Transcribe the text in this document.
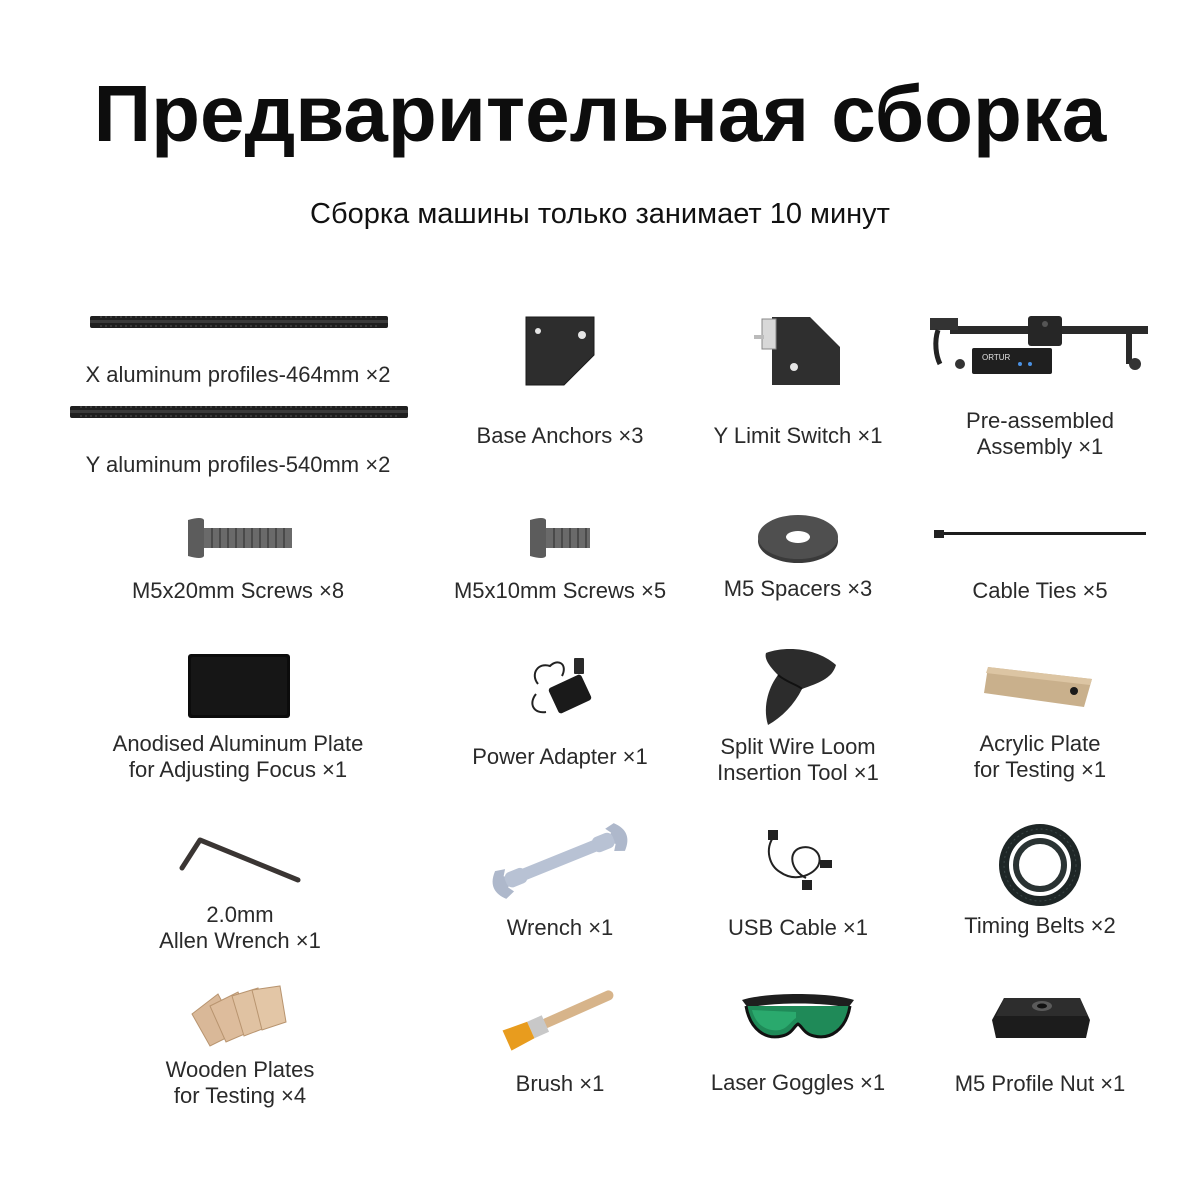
Предварительная сборка
Сборка машины только занимает 10 минут
X aluminum profiles-464mm ×2
Y aluminum profiles-540mm ×2
Base Anchors ×3	Y Limit Switch ×1
ORTUR
Pre-assembled
Assembly ×1
M5x20mm Screws ×8	M5x10mm Screws ×5	M5 Spacers ×3	Cable Ties ×5
Anodised Aluminum Plate
for Adjusting Focus ×1
Power Adapter ×1	Split Wire Loom
Insertion Tool ×1
Acrylic Plate
for Testing ×1
2.0mm
Allen Wrench ×1
Wrench ×1	USB Cable ×1	Timing Belts ×2
Wooden Plates
for Testing ×4	Brush ×1	Laser Goggles ×1	M5 Profile Nut ×1
